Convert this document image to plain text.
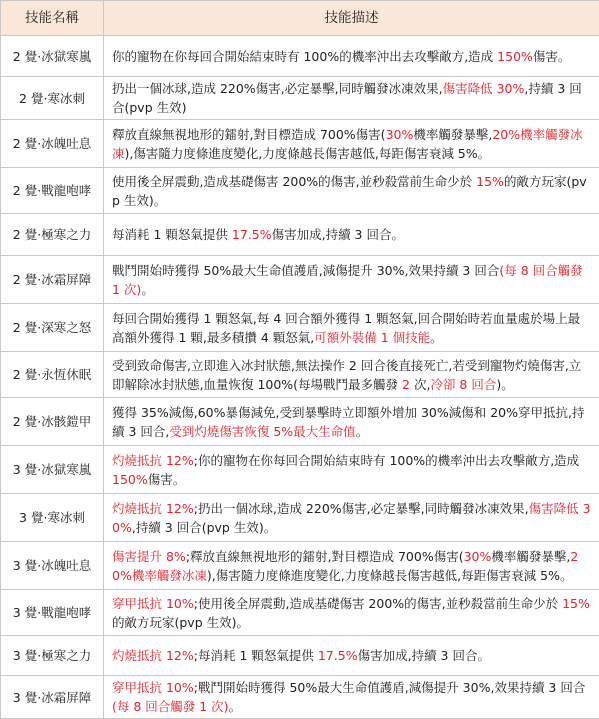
技能名稱	技能描述
2 覺·冰獄寒嵐	你的寵物在你每回合開始結束時有 100%的機率沖出去攻擊敵方,造成 150%傷害。
2 覺·寒冰刺	扔出一個冰球,造成 220%傷害,必定暴擊,同時觸發冰凍效果,傷害降低 30%,持續 3 回合(pvp 生效)
2 覺·冰魄吐息	釋放直線無視地形的鐳射,對目標造成 700%傷害(30%機率觸發暴擊,20%機率觸發冰凍),傷害隨力度條進度變化,力度條越長傷害越低,每距傷害衰減 5%。
2 覺·戰龍咆哮	使用後全屏震動,造成基礎傷害 200%的傷害,並秒殺當前生命少於 15%的敵方玩家(pvp 生效)。
2 覺·極寒之力	每消耗 1 顆怒氣提供 17.5%傷害加成,持續 3 回合。
2 覺·冰霜屏障	戰鬥開始時獲得 50%最大生命值護盾,減傷提升 30%,效果持續 3 回合(每 8 回合觸發 1 次)。
2 覺·深寒之怒	每回合開始獲得 1 顆怒氣,每 4 回合額外獲得 1 顆怒氣,回合開始時若血量處於場上最高額外獲得 1 顆,最多積攢 4 顆怒氣,可額外裝備 1 個技能。
2 覺·永恆休眠	受到致命傷害,立即進入冰封狀態,無法操作 2 回合後直接死亡,若受到寵物灼燒傷害,立即解除冰封狀態,血量恢復 100%(每場戰鬥最多觸發 2 次,冷卻 8 回合)。
2 覺·冰骸鎧甲	獲得 35%減傷,60%暴傷減免,受到暴擊時立即額外增加 30%減傷和 20%穿甲抵抗,持續 3 回合,受到灼燒傷害恢復 5%最大生命值。
3 覺·冰獄寒嵐	灼燒抵抗 12%;你的寵物在你每回合開始結束時有 100%的機率沖出去攻擊敵方,造成 150%傷害。
3 覺·寒冰刺	灼燒抵抗 12%;扔出一個冰球,造成 220%傷害,必定暴擊,同時觸發冰凍效果,傷害降低 30%,持續 3 回合(pvp 生效)。
3 覺·冰魄吐息	傷害提升 8%;釋放直線無視地形的鐳射,對目標造成 700%傷害(30%機率觸發暴擊,20%機率觸發冰凍),傷害隨力度條進度變化,力度條越長傷害越低,每距傷害衰減 5%。
3 覺·戰龍咆哮	穿甲抵抗 10%;使用後全屏震動,造成基礎傷害 200%的傷害,並秒殺當前生命少於 15%的敵方玩家(pvp 生效)。
3 覺·極寒之力	灼燒抵抗 12%;每消耗 1 顆怒氣提供 17.5%傷害加成,持續 3 回合。
3 覺·冰霜屏障	穿甲抵抗 10%;戰鬥開始時獲得 50%最大生命值護盾,減傷提升 30%,效果持續 3 回合(每 8 回合觸發 1 次)。
